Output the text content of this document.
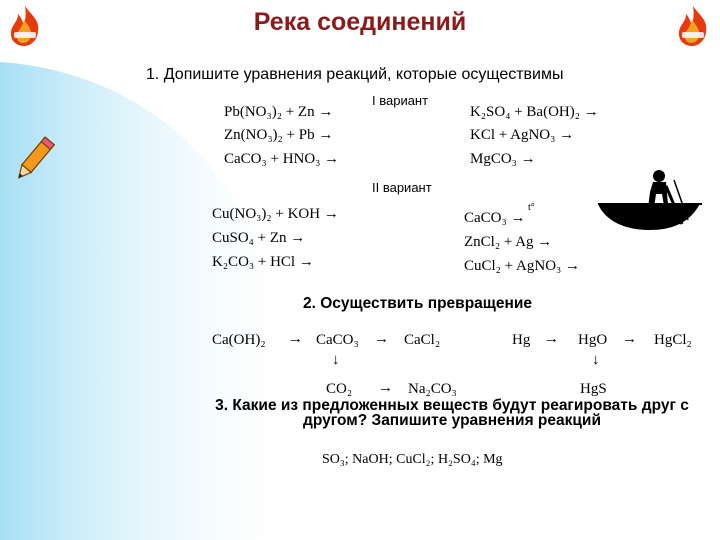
Река соединений
1. Допишите уравнения реакций, которые осуществимы
I вариант
Pb(NO₃)₂ + Zn →
Zn(NO₃)₂ + Pb →
CaCO₃ + HNO₃ →
K₂SO₄ + Ba(OH)₂ →
KCl + AgNO₃ →
MgCO₃ →
II вариант
Cu(NO₃)₂ + KOH →
CuSO₄ + Zn →
K₂CO₃ + HCl →
CaCO₃ →
t°
ZnCl₂ + Ag →
CuCl₂ + AgNO₃ →
2. Осуществить превращение
Ca(OH)₂ → CaCO₃ → CaCl₂
↓
CO₂ → Na₂CO₃
Hg → HgO → HgCl₂
↓
HgS
3. Какие из предложенных веществ будут реагировать друг с другом? Запишите уравнения реакций
SO₃; NaOH; CuCl₂; H₂SO₄; Mg
